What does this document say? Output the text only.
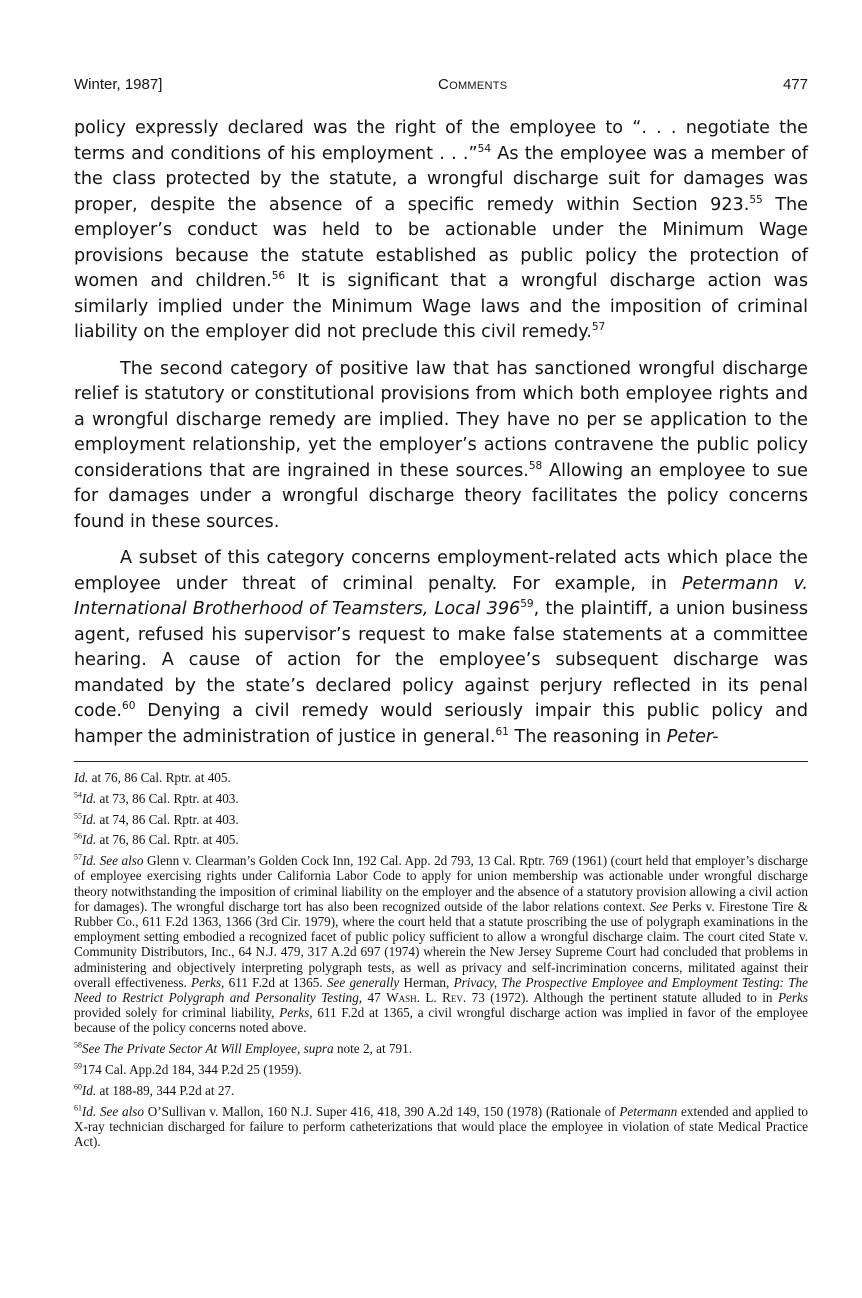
Winter, 1987]	Comments	477

policy expressly declared was the right of the employee to “. . . negotiate the terms and conditions of his employment . . .”$^{54}$ As the employee was a member of the class protected by the statute, a wrongful discharge suit for damages was proper, despite the absence of a specific remedy within Section 923.55 The employer’s conduct was held to be actionable under the Minimum Wage provisions because the statute established as public policy the protection of women and children.$^{56}$ It is significant that a wrongful discharge action was similarly implied under the Minimum Wage laws and the imposition of criminal liability on the employer did not preclude this civil remedy.$^{57}$

The second category of positive law that has sanctioned wrongful discharge relief is statutory or constitutional provisions from which both employee rights and a wrongful discharge remedy are implied. They have no per se application to the employment relationship, yet the employer’s actions contravene the public policy considerations that are ingrained in these sources.$^{58}$ Allowing an employee to sue for damages under a wrongful discharge theory facilitates the policy concerns found in these sources.

A subset of this category concerns employment-related acts which place the employee under threat of criminal penalty. For example, in Petermann v. International Brotherhood of Teamsters, Local $396^{59}$, the plaintiff, a union business agent, refused his supervisor’s request to make false statements at a committee hearing. A cause of action for the employee’s subsequent discharge was mandated by the state’s declared policy against perjury reflected in its penal code.$^{60}$ Denying a civil remedy would seriously impair this public policy and hamper the administration of justice in general.$^{61}$ The reasoning in Peter-

Id. at 76, 86 Cal. Rptr. at 405.
$^{54}$Id. at 73, 86 Cal. Rptr. at 403.
$^{55}$Id. at 74, 86 Cal. Rptr. at 403.
$^{56}$Id. at 76, 86 Cal. Rptr. at 405.
$^{57}$Id. See also Glenn v. Clearman’s Golden Cock Inn, 192 Cal. App. 2d 793, 13 Cal. Rptr. 769 (1961) (court held that employer’s discharge of employee exercising rights under California Labor Code to apply for union membership was actionable under wrongful discharge theory notwithstanding the imposition of criminal liability on the employer and the absence of a statutory provision allowing a civil action for damages). The wrongful discharge tort has also been recognized outside of the labor relations context. See Perks v. Firestone Tire & Rubber Co., 611 F.2d 1363, 1366 (3rd Cir. 1979), where the court held that a statute proscribing the use of polygraph examinations in the employment setting embodied a recognized facet of public policy sufficient to allow a wrongful discharge claim. The court cited State v. Community Distributors, Inc., 64 N.J. 479, 317 A.2d 697 (1974) wherein the New Jersey Supreme Court had concluded that problems in administering and objectively interpreting polygraph tests, as well as privacy and self-incrimination concerns, militated against their overall effectiveness. Perks, 611 F.2d at 1365. See generally Herman, Privacy, The Prospective Employee and Employment Testing: The Need to Restrict Polygraph and Personality Testing, 47 Wash. L. Rev. 73 (1972). Although the pertinent statute alluded to in Perks provided solely for criminal liability, Perks, 611 F.2d at 1365, a civil wrongful discharge action was implied in favor of the employee because of the policy concerns noted above.
$^{58}$See The Private Sector At Will Employee, supra note 2, at 791.
$^{59}$174 Cal. App.2d 184, 344 P.2d 25 (1959).
$^{60}$Id. at 188-89, 344 P.2d at 27.
$^{61}$Id. See also O’Sullivan v. Mallon, 160 N.J. Super 416, 418, 390 A.2d 149, 150 (1978) (Rationale of Petermann extended and applied to X-ray technician discharged for failure to perform catheterizations that would place the employee in violation of state Medical Practice Act).
